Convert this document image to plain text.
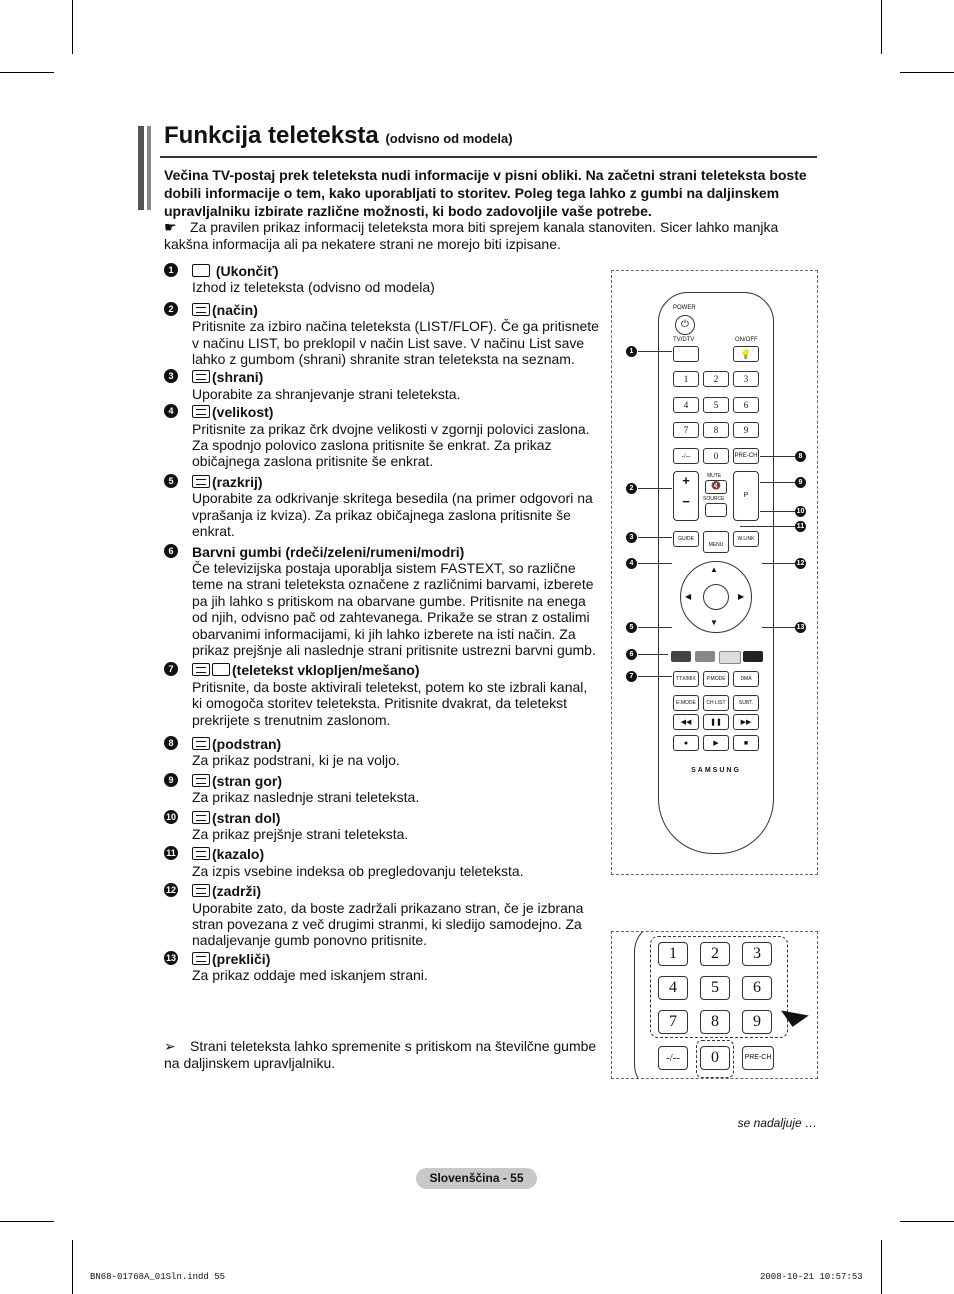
Funkcija teleteksta (odvisno od modela)
Večina TV-postaj prek teleteksta nudi informacije v pisni obliki. Na začetni strani teleteksta boste dobili informacije o tem, kako uporabljati to storitev. Poleg tega lahko z gumbi na daljinskem upravljalniku izbirate različne možnosti, ki bodo zadovoljile vaše potrebe.
☛ Za pravilen prikaz informacij teleteksta mora biti sprejem kanala stanoviten. Sicer lahko manjka kakšna informacija ali pa nekatere strani ne morejo biti izpisane.
1	(Ukončiť)
Izhod iz teleteksta (odvisno od modela)
2	(način)
Pritisnite za izbiro načina teleteksta (LIST/FLOF). Če ga pritisnete v načinu LIST, bo preklopil v način List save. V načinu List save lahko z gumbom (shrani) shranite stran teleteksta na seznam.
3	(shrani)
Uporabite za shranjevanje strani teleteksta.
4	(velikost)
Pritisnite za prikaz črk dvojne velikosti v zgornji polovici zaslona. Za spodnjo polovico zaslona pritisnite še enkrat. Za prikaz običajnega zaslona pritisnite še enkrat.
5	(razkrij)
Uporabite za odkrivanje skritega besedila (na primer odgovori na vprašanja iz kviza). Za prikaz običajnega zaslona pritisnite še enkrat.
6	Barvni gumbi (rdeči/zeleni/rumeni/modri)
Če televizijska postaja uporablja sistem FASTEXT, so različne teme na strani teleteksta označene z različnimi barvami, izberete pa jih lahko s pritiskom na obarvane gumbe. Pritisnite na enega od njih, odvisno pač od zahtevanega. Prikaže se stran z ostalimi obarvanimi informacijami, ki jih lahko izberete na isti način. Za prikaz prejšnje ali naslednje strani pritisnite ustrezni barvni gumb.
7	(teletekst vklopljen/mešano)
Pritisnite, da boste aktivirali teletekst, potem ko ste izbrali kanal, ki omogoča storitev teleteksta. Pritisnite dvakrat, da teletekst prekrijete s trenutnim zaslonom.
8	(podstran)
Za prikaz podstrani, ki je na voljo.
9	(stran gor)
Za prikaz naslednje strani teleteksta.
10	(stran dol)
Za prikaz prejšnje strani teleteksta.
11	(kazalo)
Za izpis vsebine indeksa ob pregledovanju teleteksta.
12	(zadrži)
Uporabite zato, da boste zadržali prikazano stran, če je izbrana stran povezana z več drugimi stranmi, ki sledijo samodejno. Za nadaljevanje gumb ponovno pritisnite.
13	(prekliči)
Za prikaz oddaje med iskanjem strani.
➢ Strani teleteksta lahko spremenite s pritiskom na številčne gumbe na daljinskem upravljalniku.
POWER
⏻
TV/DTV	ON/OFF
💡
1	2	3
4	5	6
7	8	9
-/--	0	PRE-CH
+
−
MUTE
🔇
SOURCE	P
GUIDE
MENU
W.LINK
▲
▼
◀	▶
TTX/MIX	P.MODE	DMA
E.MODE	CH LIST	SUBT.
◀◀	❚❚	▶▶
●	▶	■
SAMSUNG
1
2
3
4
5
6
7
8
9
10
11
12
13
1	2	3
4	5	6
7	8	9
-/--	0	PRE-CH
◣
se nadaljuje …
Slovenščina - 55
BN68-01768A_01Sln.indd 55	2008-10-21 10:57:53
